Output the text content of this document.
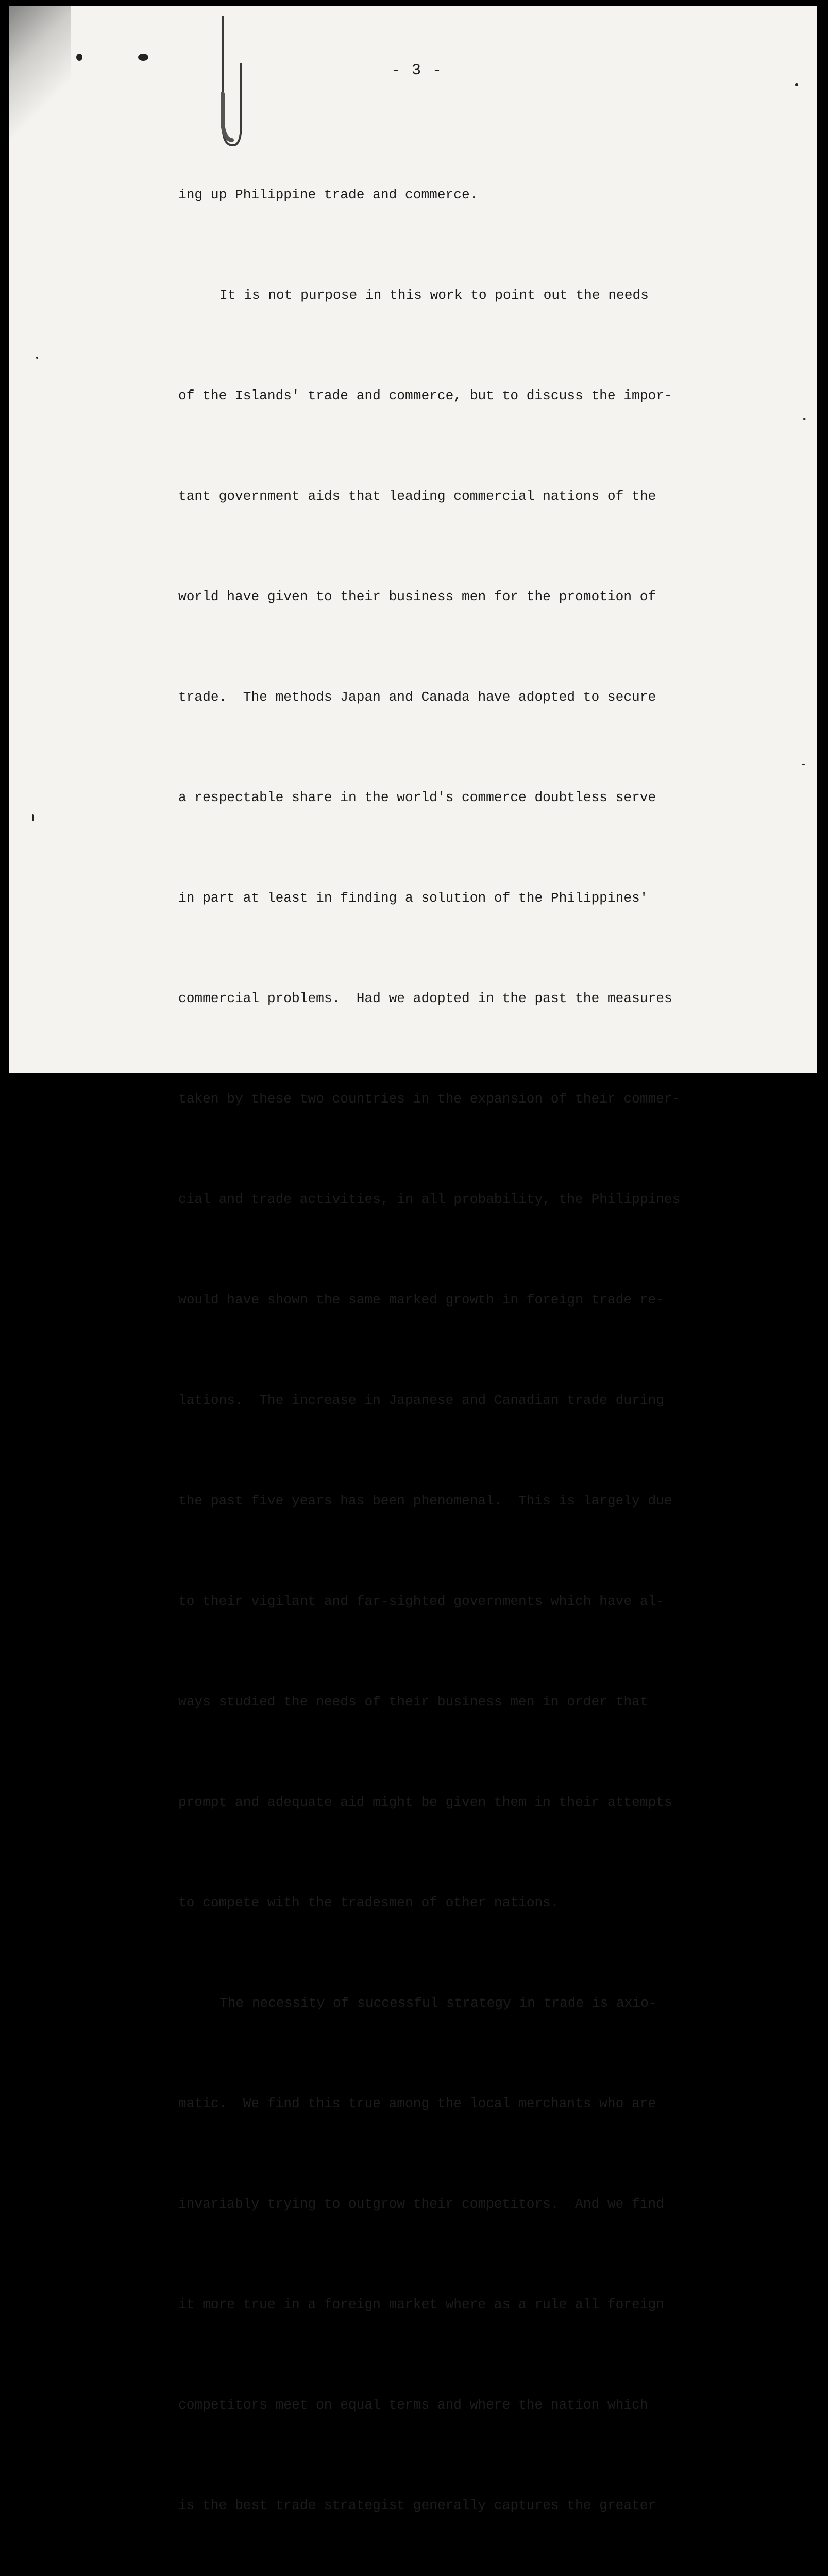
- 3 -

ing up Philippine trade and commerce.

It is not purpose in this work to point out the needs

of the Islands' trade and commerce, but to discuss the impor-

tant government aids that leading commercial nations of the

world have given to their business men for the promotion of

trade.  The methods Japan and Canada have adopted to secure

a respectable share in the world's commerce doubtless serve

in part at least in finding a solution of the Philippines'

commercial problems.  Had we adopted in the past the measures

taken by these two countries in the expansion of their commer-

cial and trade activities, in all probability, the Philippines

would have shown the same marked growth in foreign trade re-

lations.  The increase in Japanese and Canadian trade during

the past five years has been phenomenal.  This is largely due

to their vigilant and far-sighted governments which have al-

ways studied the needs of their business men in order that

prompt and adequate aid might be given them in their attempts

to compete with the tradesmen of other nations.

The necessity of successful strategy in trade is axio-

matic.  We find this true among the local merchants who are

invariably trying to outgrow their competitors.  And we find

it more true in a foreign market where as a rule all foreign

competitors meet on equal terms and where the nation which

is the best trade strategist generally captures the greater
